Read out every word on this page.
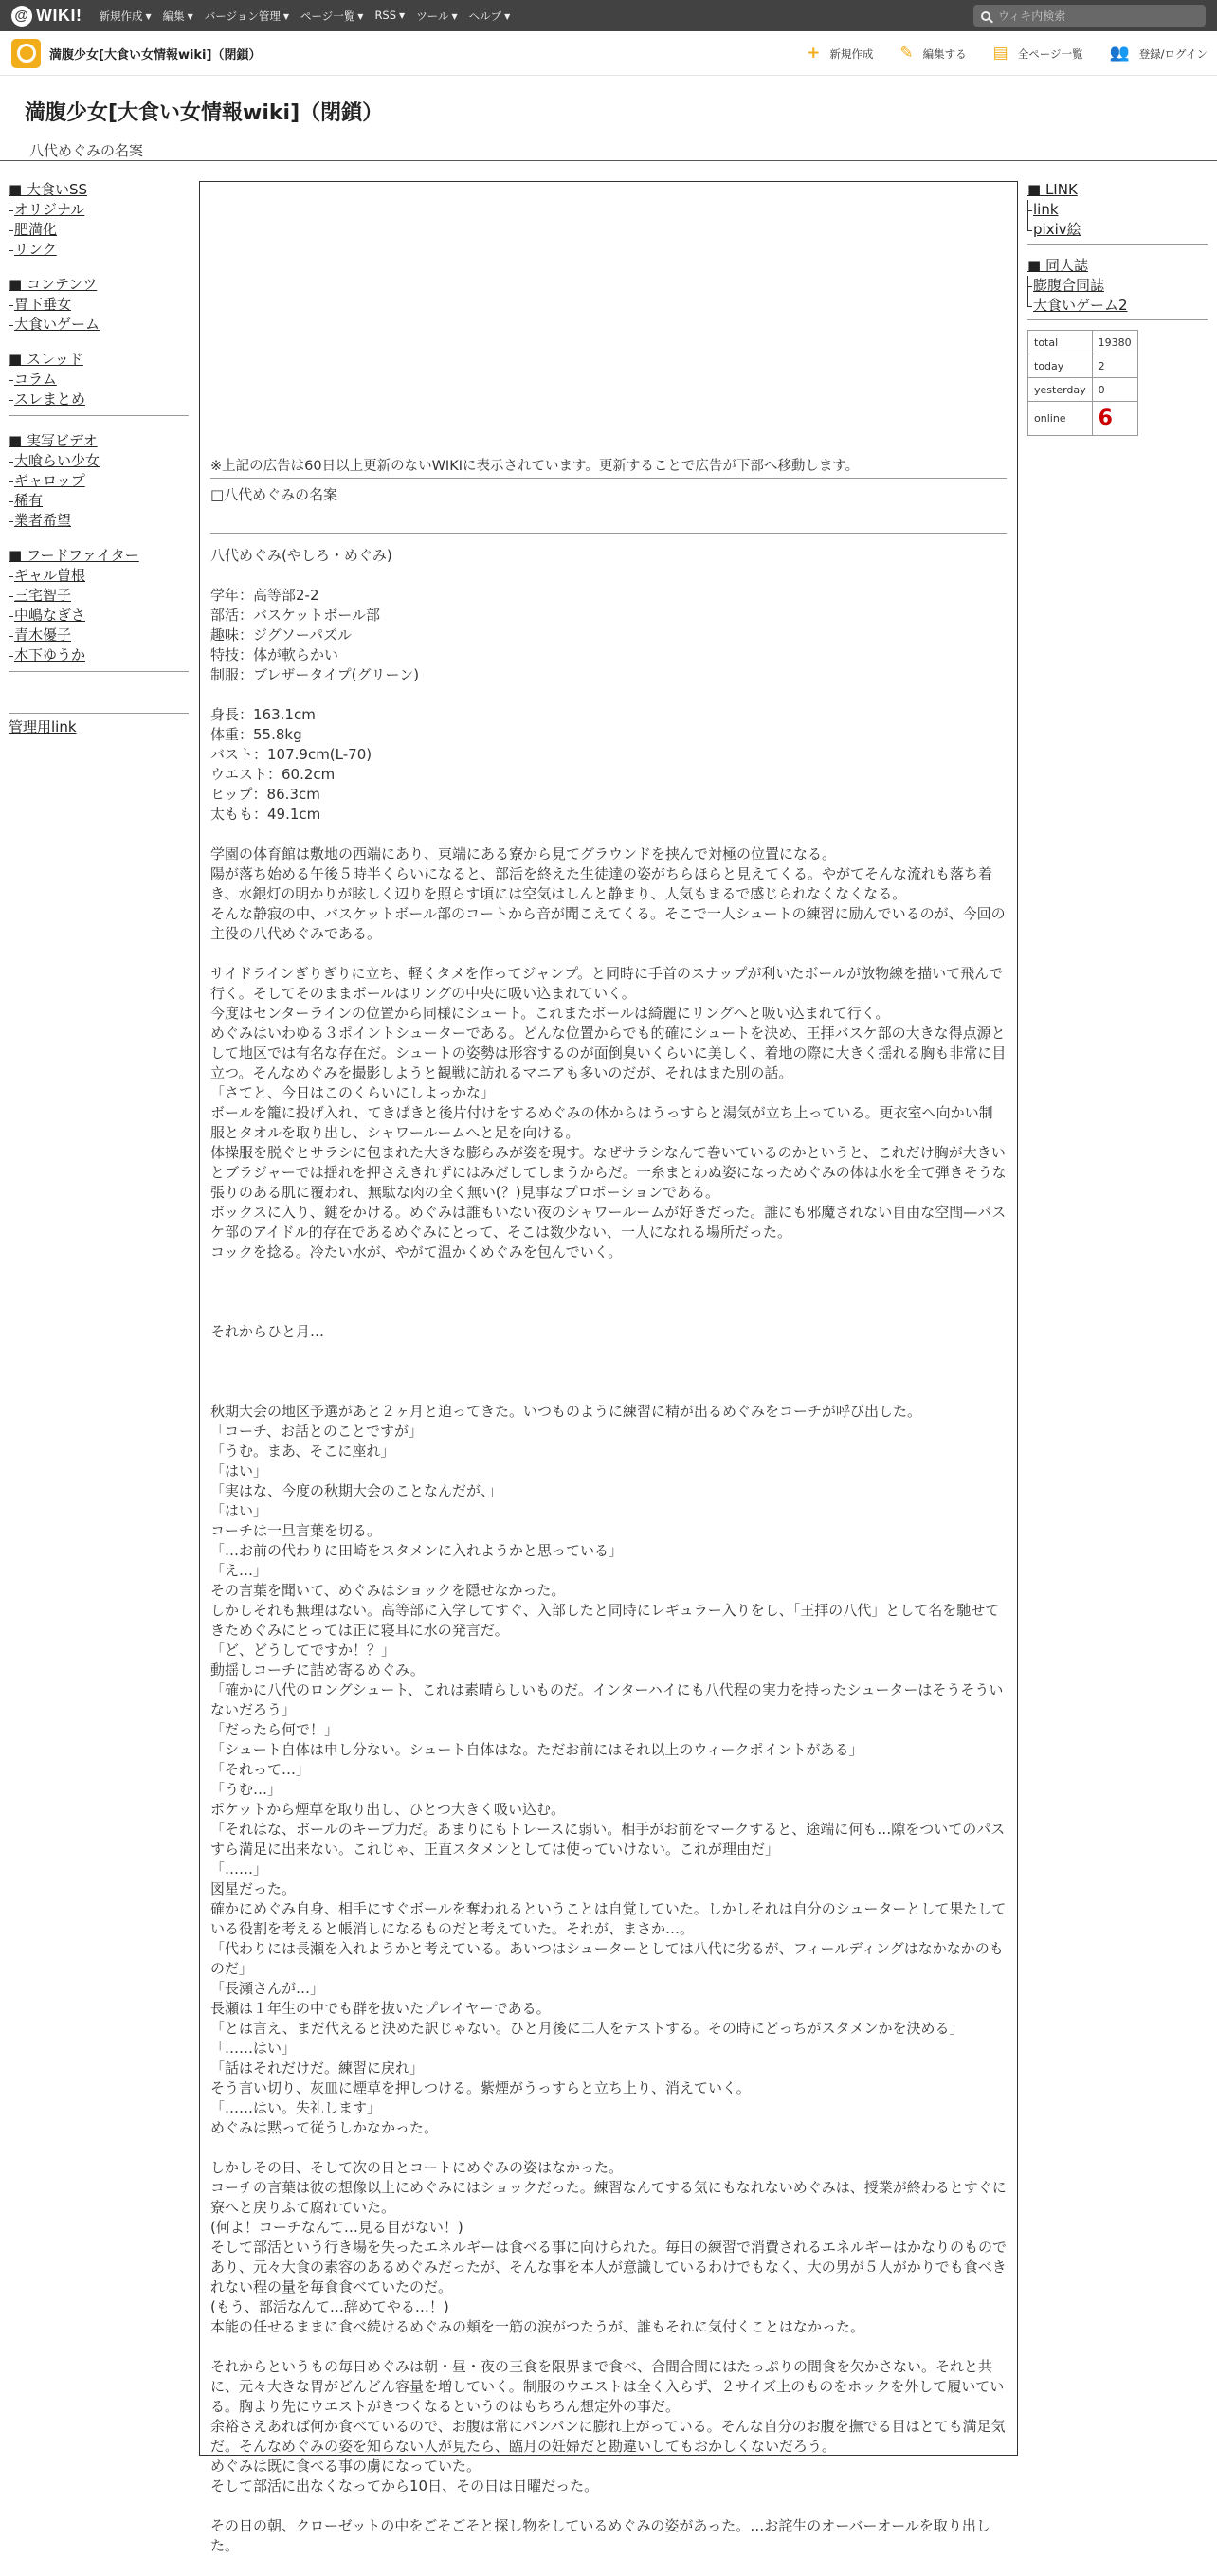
@ WIKI! 新規作成 ▼ 編集 ▼ バージョン管理 ▼ ページ一覧 ▼ RSS ▼ ツール ▼ ヘルプ ▼
ウィキ内検索
満腹少女[大食い女情報wiki]（閉鎖）	+ 新規作成 ✎ 編集する ▤ 全ページ一覧 👥 登録/ログイン
満腹少女[大食い女情報wiki]（閉鎖）
八代めぐみの名案
■ 大食いSS
オリジナル
肥満化
リンク
■ コンテンツ
胃下垂女
大食いゲーム
■ スレッド
コラム
スレまとめ
■ 実写ビデオ
大喰らい少女
ギャロップ
稀有
業者希望
■ フードファイター
ギャル曽根
三宅智子
中嶋なぎさ
青木優子
木下ゆうか
管理用link
※上記の広告は60日以上更新のないWIKIに表示されています。更新することで広告が下部へ移動します。
□八代めぐみの名案

八代めぐみ(やしろ・めぐみ)

学年：高等部2-2

部活：バスケットボール部

趣味：ジグソーパズル

特技：体が軟らかい

制服：ブレザータイプ(グリーン)

身長：163.1cm

体重：55.8kg

バスト：107.9cm(L-70)

ウエスト：60.2cm

ヒップ：86.3cm

太もも：49.1cm

学園の体育館は敷地の西端にあり、東端にある寮から見てグラウンドを挟んで対極の位置になる。

陽が落ち始める午後５時半くらいになると、部活を終えた生徒達の姿がちらほらと見えてくる。やがてそんな流れも落ち着き、水銀灯の明かりが眩しく辺りを照らす頃には空気はしんと静まり、人気もまるで感じられなくなくなる。

そんな静寂の中、バスケットボール部のコートから音が聞こえてくる。そこで一人シュートの練習に励んでいるのが、今回の主役の八代めぐみである。

サイドラインぎりぎりに立ち、軽くタメを作ってジャンプ。と同時に手首のスナップが利いたボールが放物線を描いて飛んで行く。そしてそのままボールはリングの中央に吸い込まれていく。

今度はセンターラインの位置から同様にシュート。これまたボールは綺麗にリングへと吸い込まれて行く。

めぐみはいわゆる３ポイントシューターである。どんな位置からでも的確にシュートを決め、王拝バスケ部の大きな得点源として地区では有名な存在だ。シュートの姿勢は形容するのが面倒臭いくらいに美しく、着地の際に大きく揺れる胸も非常に目立つ。そんなめぐみを撮影しようと観戦に訪れるマニアも多いのだが、それはまた別の話。

「さてと、今日はこのくらいにしよっかな」

ボールを籠に投げ入れ、てきぱきと後片付けをするめぐみの体からはうっすらと湯気が立ち上っている。更衣室へ向かい制服とタオルを取り出し、シャワールームへと足を向ける。

体操服を脱ぐとサラシに包まれた大きな膨らみが姿を現す。なぜサラシなんて巻いているのかというと、これだけ胸が大きいとブラジャーでは揺れを押さえきれずにはみだしてしまうからだ。一糸まとわぬ姿になっためぐみの体は水を全て弾きそうな張りのある肌に覆われ、無駄な肉の全く無い(？)見事なプロポーションである。

ボックスに入り、鍵をかける。めぐみは誰もいない夜のシャワールームが好きだった。誰にも邪魔されない自由な空間—バスケ部のアイドル的存在であるめぐみにとって、そこは数少ない、一人になれる場所だった。

コックを捻る。冷たい水が、やがて温かくめぐみを包んでいく。

それからひと月…

秋期大会の地区予選があと２ヶ月と迫ってきた。いつものように練習に精が出るめぐみをコーチが呼び出した。

「コーチ、お話とのことですが」

「うむ。まあ、そこに座れ」

「はい」

「実はな、今度の秋期大会のことなんだが、」

「はい」

コーチは一旦言葉を切る。

「…お前の代わりに田崎をスタメンに入れようかと思っている」

「え…」

その言葉を聞いて、めぐみはショックを隠せなかった。

しかしそれも無理はない。高等部に入学してすぐ、入部したと同時にレギュラー入りをし、「王拝の八代」として名を馳せてきためぐみにとっては正に寝耳に水の発言だ。

「ど、どうしてですか！？」

動揺しコーチに詰め寄るめぐみ。

「確かに八代のロングシュート、これは素晴らしいものだ。インターハイにも八代程の実力を持ったシューターはそうそういないだろう」

「だったら何で！」

「シュート自体は申し分ない。シュート自体はな。ただお前にはそれ以上のウィークポイントがある」

「それって…」

「うむ…」

ポケットから煙草を取り出し、ひとつ大きく吸い込む。

「それはな、ボールのキープ力だ。あまりにもトレースに弱い。相手がお前をマークすると、途端に何も…隙をついてのパスすら満足に出来ない。これじゃ、正直スタメンとしては使っていけない。これが理由だ」

「……」

図星だった。

確かにめぐみ自身、相手にすぐボールを奪われるということは自覚していた。しかしそれは自分のシューターとして果たしている役割を考えると帳消しになるものだと考えていた。それが、まさか…。

「代わりには長瀬を入れようかと考えている。あいつはシューターとしては八代に劣るが、フィールディングはなかなかのものだ」

「長瀬さんが…」

長瀬は１年生の中でも群を抜いたプレイヤーである。

「とは言え、まだ代えると決めた訳じゃない。ひと月後に二人をテストする。その時にどっちがスタメンかを決める」

「……はい」

「話はそれだけだ。練習に戻れ」

そう言い切り、灰皿に煙草を押しつける。紫煙がうっすらと立ち上り、消えていく。

「……はい。失礼します」

めぐみは黙って従うしかなかった。

しかしその日、そして次の日とコートにめぐみの姿はなかった。

コーチの言葉は彼の想像以上にめぐみにはショックだった。練習なんてする気にもなれないめぐみは、授業が終わるとすぐに寮へと戻りふて腐れていた。

(何よ！コーチなんて…見る目がない！)

そして部活という行き場を失ったエネルギーは食べる事に向けられた。毎日の練習で消費されるエネルギーはかなりのものであり、元々大食の素容のあるめぐみだったが、そんな事を本人が意識しているわけでもなく、大の男が５人がかりでも食べきれない程の量を毎食食べていたのだ。

(もう、部活なんて…辞めてやる…！)

本能の任せるままに食べ続けるめぐみの頬を一筋の涙がつたうが、誰もそれに気付くことはなかった。

それからというもの毎日めぐみは朝・昼・夜の三食を限界まで食べ、合間合間にはたっぷりの間食を欠かさない。それと共に、元々大きな胃がどんどん容量を増していく。制服のウエストは全く入らず、２サイズ上のものをホックを外して履いている。胸より先にウエストがきつくなるというのはもちろん想定外の事だ。

余裕さえあれば何か食べているので、お腹は常にパンパンに膨れ上がっている。そんな自分のお腹を撫でる目はとても満足気だ。そんなめぐみの姿を知らない人が見たら、臨月の妊婦だと勘違いしてもおかしくないだろう。

めぐみは既に食べる事の虜になっていた。

そして部活に出なくなってから10日、その日は日曜だった。

その日の朝、クローゼットの中をごそごそと探し物をしているめぐみの姿があった。…お詫生のオーバーオールを取り出した。

■ LINK
link
pixiv絵
■ 同人誌
膨腹合同誌
大食いゲーム2
total	19380
today	2
yesterday	0
online	6
